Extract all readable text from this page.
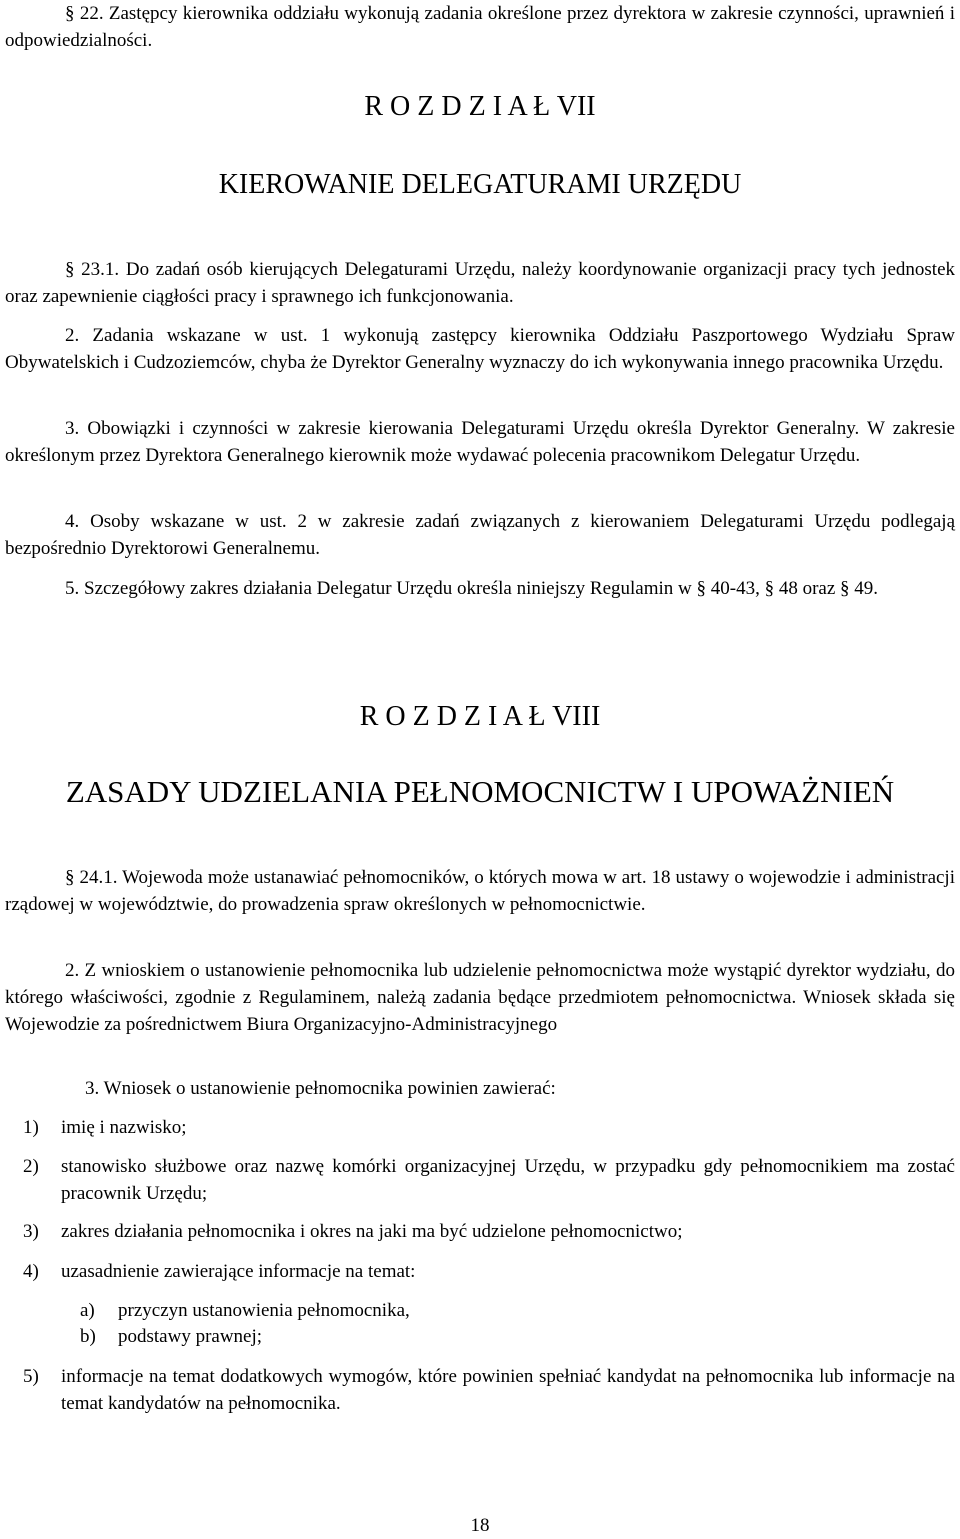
§ 22. Zastępcy kierownika oddziału wykonują zadania określone przez dyrektora w zakresie czynności, uprawnień i odpowiedzialności.

R O Z D Z I A Ł VII
KIEROWANIE DELEGATURAMI URZĘDU

§ 23.1. Do zadań osób kierujących Delegaturami Urzędu, należy koordynowanie organizacji pracy tych jednostek oraz zapewnienie ciągłości pracy i sprawnego ich funkcjonowania.

2. Zadania wskazane w ust. 1 wykonują zastępcy kierownika Oddziału Paszportowego Wydziału Spraw Obywatelskich i Cudzoziemców, chyba że Dyrektor Generalny wyznaczy do ich wykonywania innego pracownika Urzędu.

3. Obowiązki i czynności w zakresie kierowania Delegaturami Urzędu określa Dyrektor Generalny. W zakresie określonym przez Dyrektora Generalnego kierownik może wydawać polecenia pracownikom Delegatur Urzędu.

4. Osoby wskazane w ust. 2 w zakresie zadań związanych z kierowaniem Delegaturami Urzędu podlegają bezpośrednio Dyrektorowi Generalnemu.

5. Szczegółowy zakres działania Delegatur Urzędu określa niniejszy Regulamin w § 40-43, § 48 oraz § 49.

R O Z D Z I A Ł VIII
ZASADY UDZIELANIA PEŁNOMOCNICTW I UPOWAŻNIEŃ

§ 24.1. Wojewoda może ustanawiać pełnomocników, o których mowa w art. 18 ustawy o wojewodzie i administracji rządowej w województwie, do prowadzenia spraw określonych w pełnomocnictwie.

2. Z wnioskiem o ustanowienie pełnomocnika lub udzielenie pełnomocnictwa może wystąpić dyrektor wydziału, do którego właściwości, zgodnie z Regulaminem, należą zadania będące przedmiotem pełnomocnictwa. Wniosek składa się Wojewodzie za pośrednictwem Biura Organizacyjno-Administracyjnego

3. Wniosek o ustanowienie pełnomocnika powinien zawierać:

1) imię i nazwisko;
2) stanowisko służbowe oraz nazwę komórki organizacyjnej Urzędu, w przypadku gdy pełnomocnikiem ma zostać pracownik Urzędu;
3) zakres działania pełnomocnika i okres na jaki ma być udzielone pełnomocnictwo;
4) uzasadnienie zawierające informacje na temat:
a) przyczyn ustanowienia pełnomocnika,
b) podstawy prawnej;
5) informacje na temat dodatkowych wymogów, które powinien spełniać kandydat na pełnomocnika lub informacje na temat kandydatów na pełnomocnika.
18
